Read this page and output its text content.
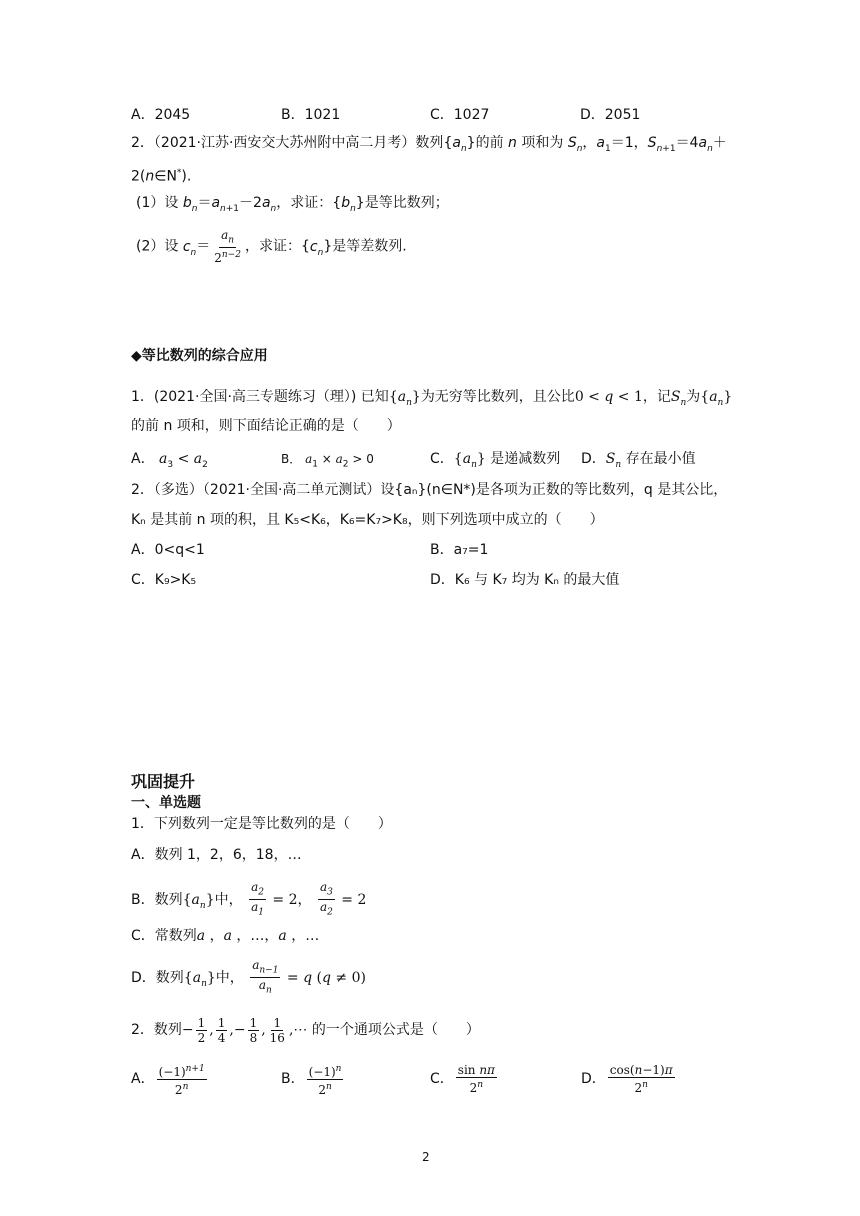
A．2045	B．1021	C．1027	D．2051
2．（2021·江苏·西安交大苏州附中高二月考）数列$\{a_n\}$的前 n 项和为 $S_n$，$a_1=1$，$S_{n+1}=4a_n+$
2(n∈N*).
(1）设 $b_n=a_{n+1}-2a_n$，求证：$\{b_n\}$是等比数列；
(2）设 $c_n= \frac{a_n}{2^{n-2}}$ ，求证：$\{c_n\}$是等差数列.
◆等比数列的综合应用
1．(2021·全国·高三专题练习（理）) 已知$\{a_n\}$为无穷等比数列，且公比0 < q < 1，记$S_n$为$\{a_n\}$
的前 n 项和，则下面结论正确的是（　　）
A． $a_3 < a_2$	B． $a_1 \times a_2 > 0$	C．$\{a_n\}$ 是递减数列 D．$S_n$ 存在最小值
2．（多选）（2021·全国·高二单元测试）设{aₙ}(n∈N*)是各项为正数的等比数列，q 是其公比，
Kₙ 是其前 n 项的积，且 K₅<K₆，K₆=K₇>K₈，则下列选项中成立的（　　）
A．0<q<1	B．a₇=1
C．K₉>K₅	D．K₆ 与 K₇ 均为 Kₙ 的最大值
巩固提升
一、单选题
1．下列数列一定是等比数列的是（　　）
A．数列 1，2，6，18，…
B．数列$\{a_n\}$中， $\frac{a_2}{a_1} = 2$， $\frac{a_3}{a_2} = 2$
C．常数列a ，a ，…，a ，…
D．数列$\{a_n\}$中， $\frac{a_{n-1}}{a_n} = q$ (q ≠ 0)
2．数列− $\frac{1}{2}$ , $\frac{1}{4}$ ,− $\frac{1}{8}$ , $\frac{1}{16}$ ,⋯ 的一个通项公式是（　　）
A． $\frac{(-1)^{n+1}}{2^n}$	B． $\frac{(-1)^n}{2^n}$	C． $\frac{\text{sin nπ}}{2^n}$	D． $\frac{\cos(n-1)\pi}{2^n}$
2
